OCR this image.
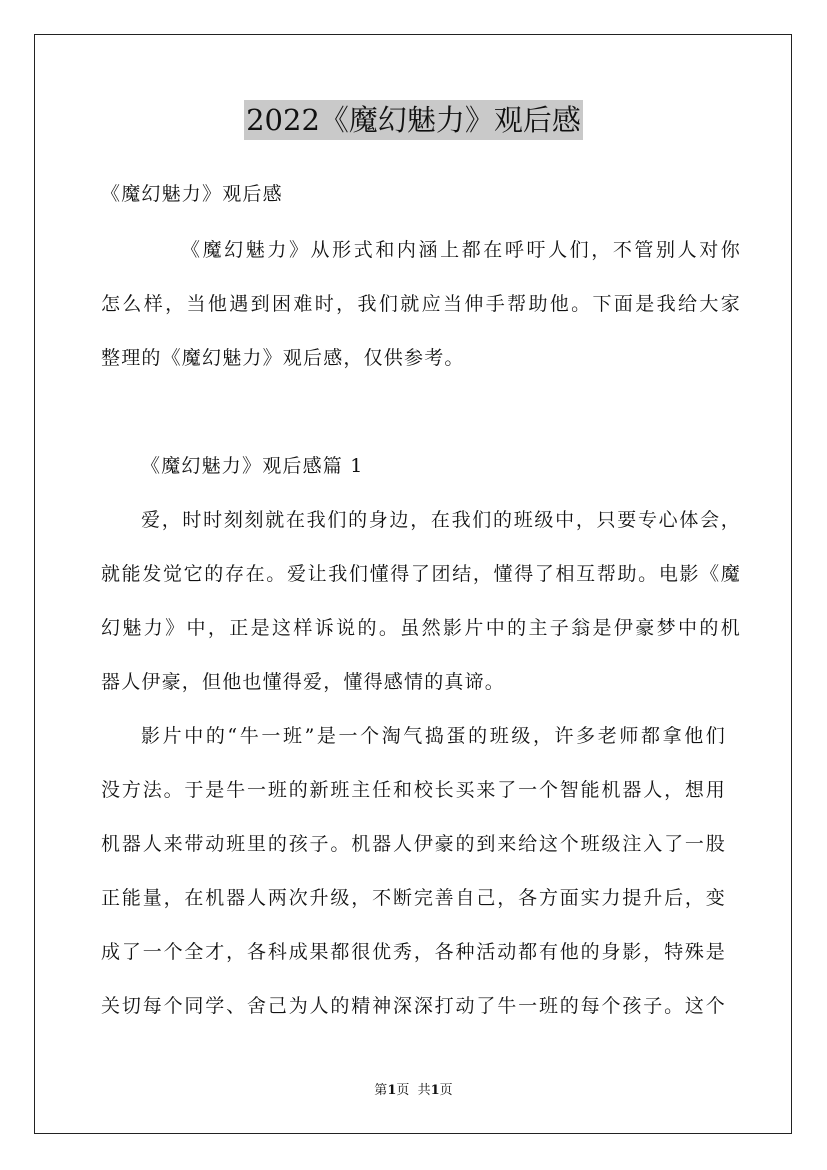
2022《魔幻魅力》观后感
《魔幻魅力》观后感
《魔幻魅力》从形式和内涵上都在呼吁人们，不管别人对你
怎么样，当他遇到困难时，我们就应当伸手帮助他。下面是我给大家
整理的《魔幻魅力》观后感，仅供参考。
《魔幻魅力》观后感篇 1
爱，时时刻刻就在我们的身边，在我们的班级中，只要专心体会，
就能发觉它的存在。爱让我们懂得了团结，懂得了相互帮助。电影《魔
幻魅力》中，正是这样诉说的。虽然影片中的主子翁是伊豪梦中的机
器人伊豪，但他也懂得爱，懂得感情的真谛。
影片中的“牛一班”是一个淘气捣蛋的班级，许多老师都拿他们
没方法。于是牛一班的新班主任和校长买来了一个智能机器人，想用
机器人来带动班里的孩子。机器人伊豪的到来给这个班级注入了一股
正能量，在机器人两次升级，不断完善自己，各方面实力提升后，变
成了一个全才，各科成果都很优秀，各种活动都有他的身影，特殊是
关切每个同学、舍己为人的精神深深打动了牛一班的每个孩子。这个
第1页  共1页
